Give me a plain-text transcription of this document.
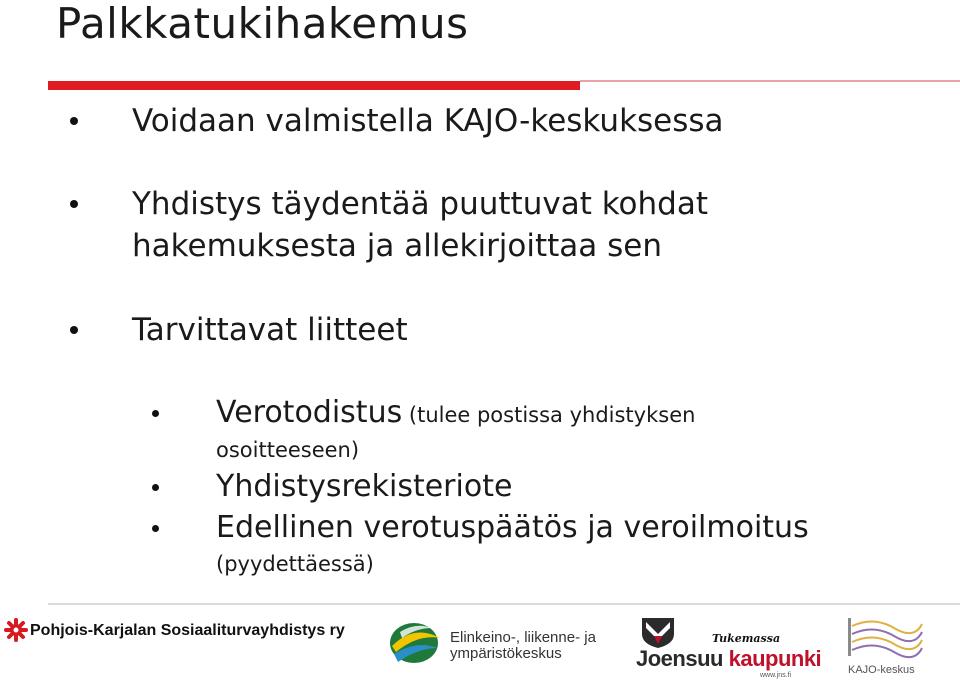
Palkkatukihakemus
Voidaan valmistella KAJO-keskuksessa
Yhdistys täydentää puuttuvat kohdat
hakemuksesta ja allekirjoittaa sen
Tarvittavat liitteet
Verotodistus (tulee postissa yhdistyksen
osoitteeseen)
Yhdistysrekisteriote
Edellinen verotuspäätös ja veroilmoitus
(pyydettäessä)
Pohjois-Karjalan Sosiaaliturvayhdistys ry	Elinkeino-, liikenne- ja
ympäristökeskus
Tukemassa
Joensuu kaupunki
www.jns.fi	KAJO-keskus
